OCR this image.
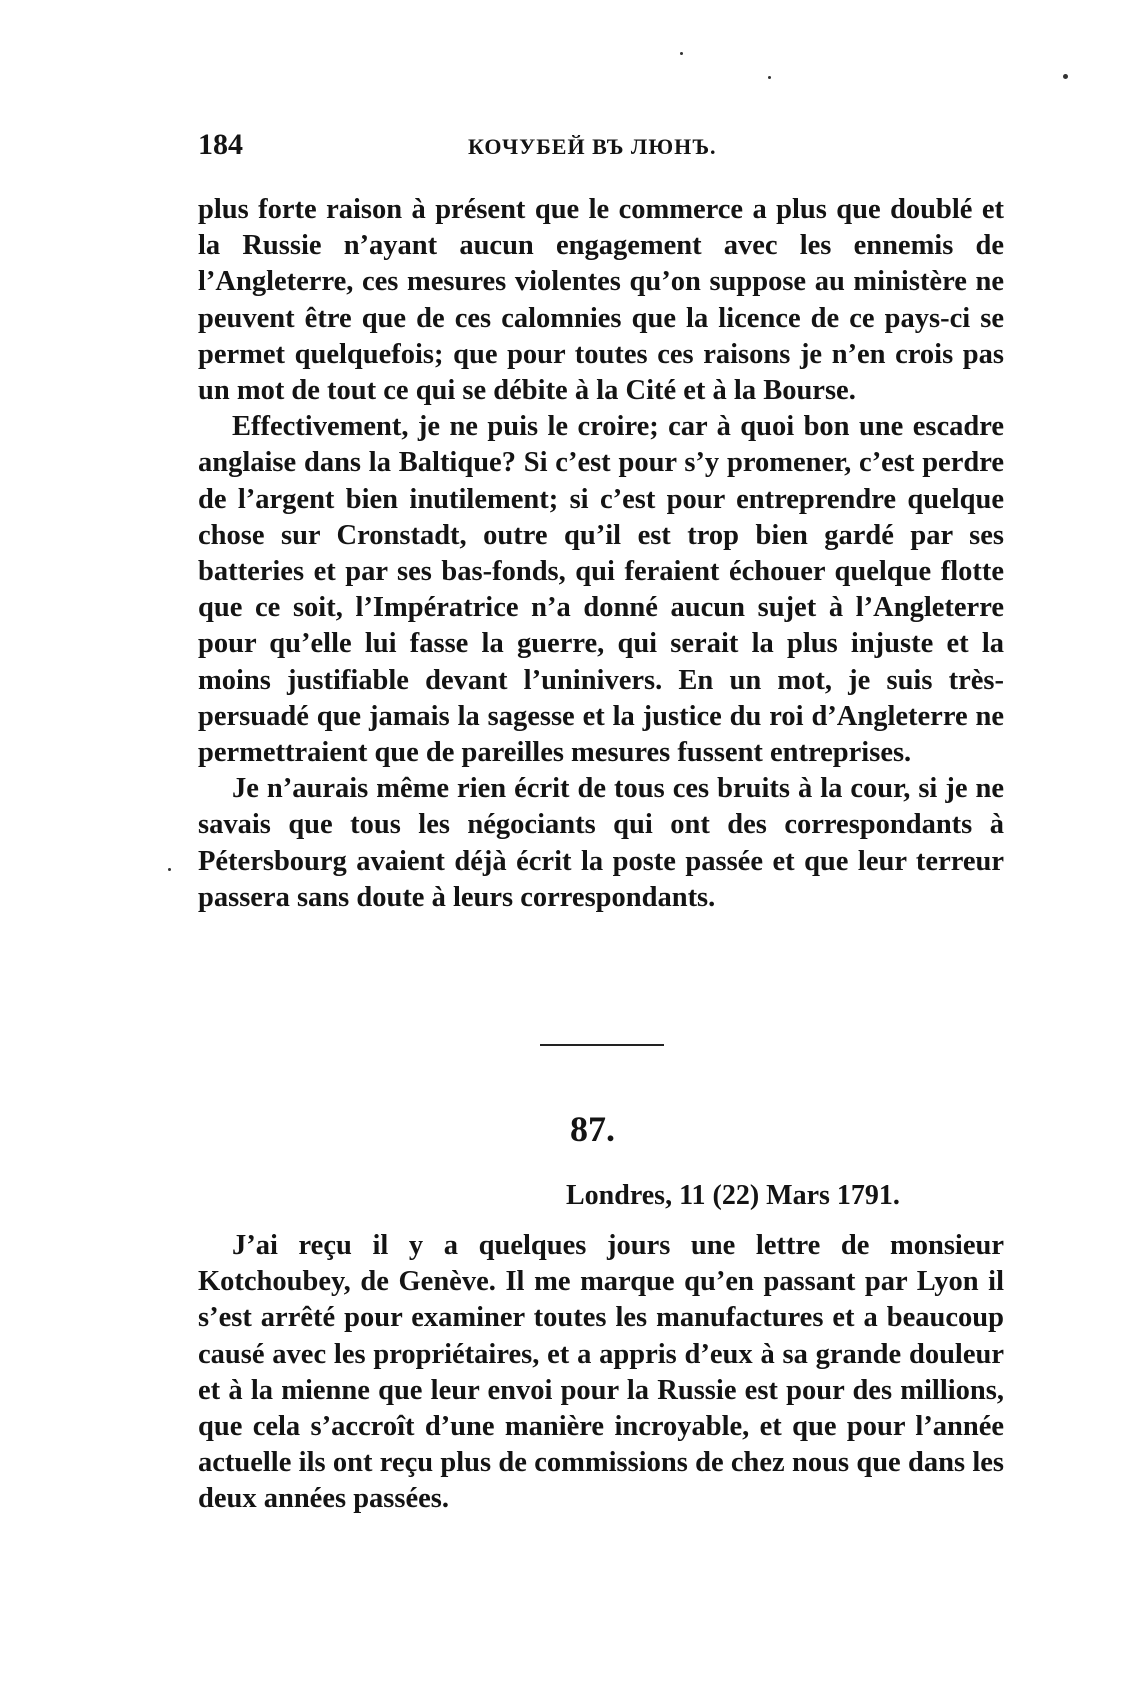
184	КОЧУБЕЙ ВЪ ЛЮНЪ.

plus forte raison à présent que le commerce a plus que doublé et la Russie n’ayant aucun engagement avec les ennemis de l’Angleterre, ces mesures violentes qu’on suppose au ministère ne peuvent être que de ces calomnies que la licence de ce pays-ci se permet quelquefois; que pour toutes ces raisons je n’en crois pas un mot de tout ce qui se débite à la Cité et à la Bourse.

Effectivement, je ne puis le croire; car à quoi bon une escadre anglaise dans la Baltique? Si c’est pour s’y promener, c’est perdre de l’argent bien inutilement; si c’est pour entreprendre quelque chose sur Cronstadt, outre qu’il est trop bien gardé par ses batteries et par ses bas-fonds, qui feraient échouer quelque flotte que ce soit, l’Impératrice n’a donné aucun sujet à l’Angleterre pour qu’elle lui fasse la guerre, qui serait la plus injuste et la moins justifiable devant l’uninivers. En un mot, je suis très-persuadé que jamais la sagesse et la justice du roi d’Angleterre ne permettraient que de pareilles mesures fussent entreprises.

Je n’aurais même rien écrit de tous ces bruits à la cour, si je ne savais que tous les négociants qui ont des correspondants à Pétersbourg avaient déjà écrit la poste passée et que leur terreur passera sans doute à leurs correspondants.

87.
Londres, 11 (22) Mars 1791.

J’ai reçu il y a quelques jours une lettre de monsieur Kotchoubey, de Genève. Il me marque qu’en passant par Lyon il s’est arrêté pour examiner toutes les manufactures et a beaucoup causé avec les propriétaires, et a appris d’eux à sa grande douleur et à la mienne que leur envoi pour la Russie est pour des millions, que cela s’accroît d’une manière incroyable, et que pour l’année actuelle ils ont reçu plus de commissions de chez nous que dans les deux années passées.
